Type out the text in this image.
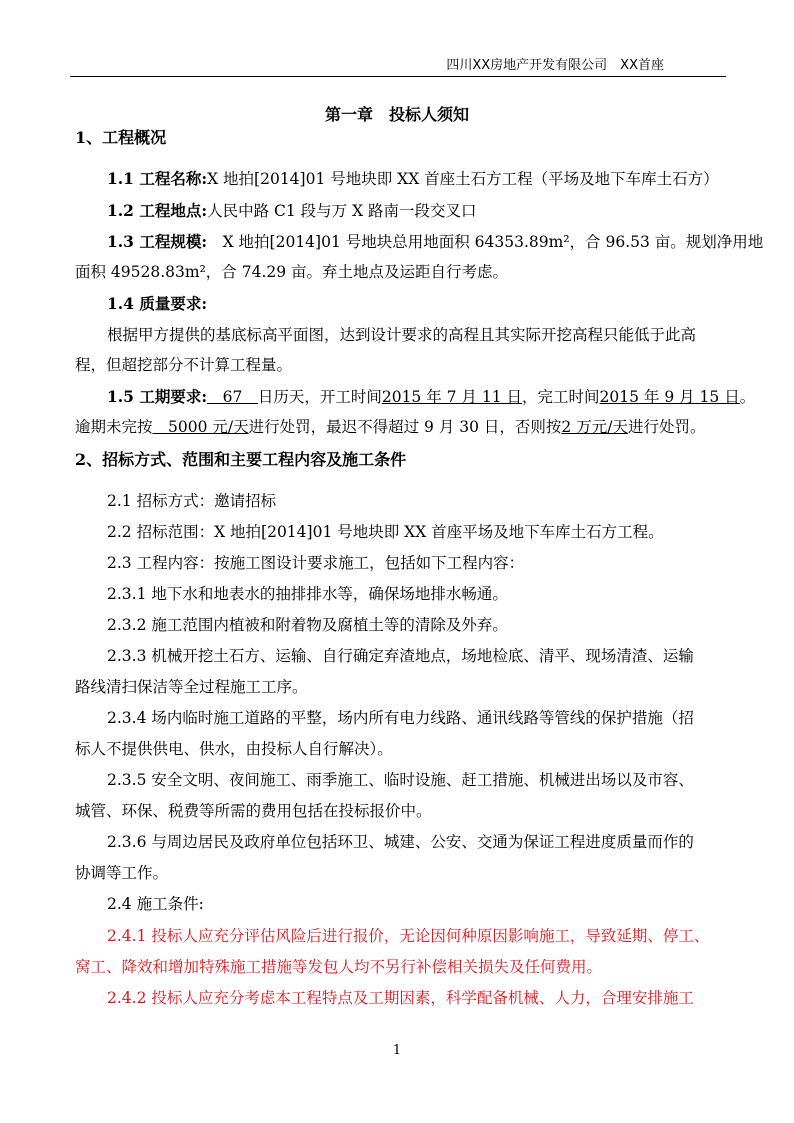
四川XX房地产开发有限公司　XX首座
第一章　投标人须知
1、工程概况
1.1 工程名称:X 地拍[2014]01 号地块即 XX 首座土石方工程（平场及地下车库土石方）
1.2 工程地点:人民中路 C1 段与万 X 路南一段交叉口
1.3 工程规模:　X 地拍[2014]01 号地块总用地面积 64353.89m²，合 96.53 亩。规划净用地
面积 49528.83m²，合 74.29 亩。弃土地点及运距自行考虑。
1.4 质量要求:
根据甲方提供的基底标高平面图，达到设计要求的高程且其实际开挖高程只能低于此高
程，但超挖部分不计算工程量。
1.5 工期要求:　67　日历天，开工时间2015 年 7 月 11 日，完工时间2015 年 9 月 15 日。
逾期未完按　5000 元/天进行处罚，最迟不得超过 9 月 30 日，否则按2 万元/天进行处罚。
2、招标方式、范围和主要工程内容及施工条件
2.1 招标方式：邀请招标
2.2 招标范围：X 地拍[2014]01 号地块即 XX 首座平场及地下车库土石方工程。
2.3 工程内容：按施工图设计要求施工，包括如下工程内容：
2.3.1 地下水和地表水的抽排排水等，确保场地排水畅通。
2.3.2 施工范围内植被和附着物及腐植土等的清除及外弃。
2.3.3 机械开挖土石方、运输、自行确定弃渣地点，场地检底、清平、现场清渣、运输
路线清扫保洁等全过程施工工序。
2.3.4 场内临时施工道路的平整，场内所有电力线路、通讯线路等管线的保护措施（招
标人不提供供电、供水，由投标人自行解决）。
2.3.5 安全文明、夜间施工、雨季施工、临时设施、赶工措施、机械进出场以及市容、
城管、环保、税费等所需的费用包括在投标报价中。
2.3.6 与周边居民及政府单位包括环卫、城建、公安、交通为保证工程进度质量而作的
协调等工作。
2.4 施工条件:
2.4.1 投标人应充分评估风险后进行报价，无论因何种原因影响施工，导致延期、停工、
窝工、降效和增加特殊施工措施等发包人均不另行补偿相关损失及任何费用。
2.4.2 投标人应充分考虑本工程特点及工期因素，科学配备机械、人力，合理安排施工
1
